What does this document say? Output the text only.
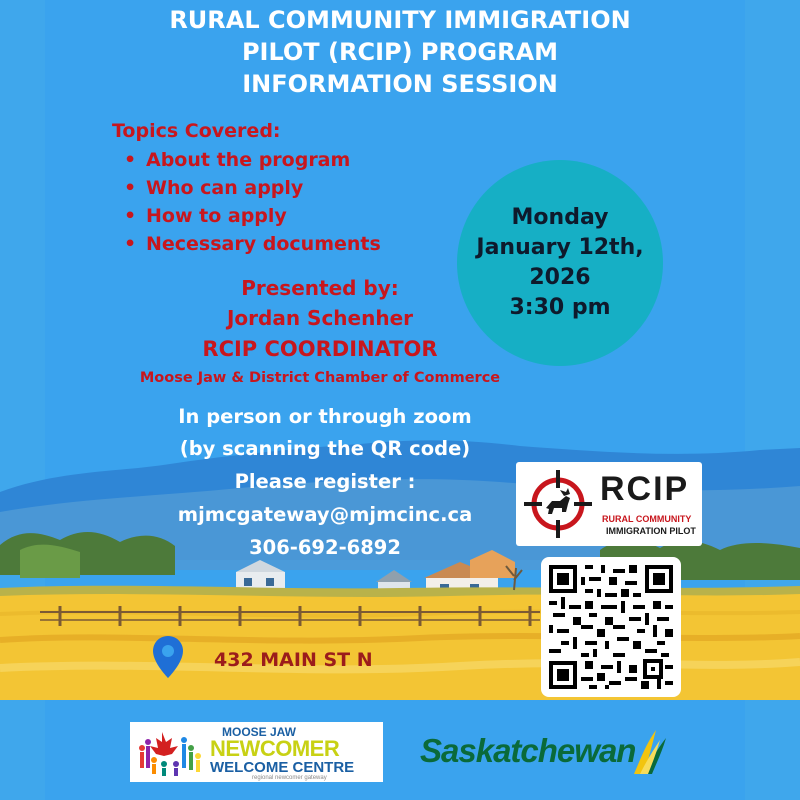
RURAL COMMUNITY IMMIGRATION
PILOT (RCIP) PROGRAM
INFORMATION SESSION
Topics Covered:
• About the program
• Who can apply
• How to apply
• Necessary documents
Monday
January 12th,
2026
3:30 pm
Presented by:
Jordan Schenher
RCIP COORDINATOR
Moose Jaw & District Chamber of Commerce
In person or through zoom
(by scanning the QR code)
Please register :
mjmcgateway@mjmcinc.ca
306-692-6892
RCIP
RURAL COMMUNITY
IMMIGRATION PILOT
432 MAIN ST N
MOOSE JAW
NEWCOMER
WELCOME CENTRE
regional newcomer gateway
Saskatchewan
